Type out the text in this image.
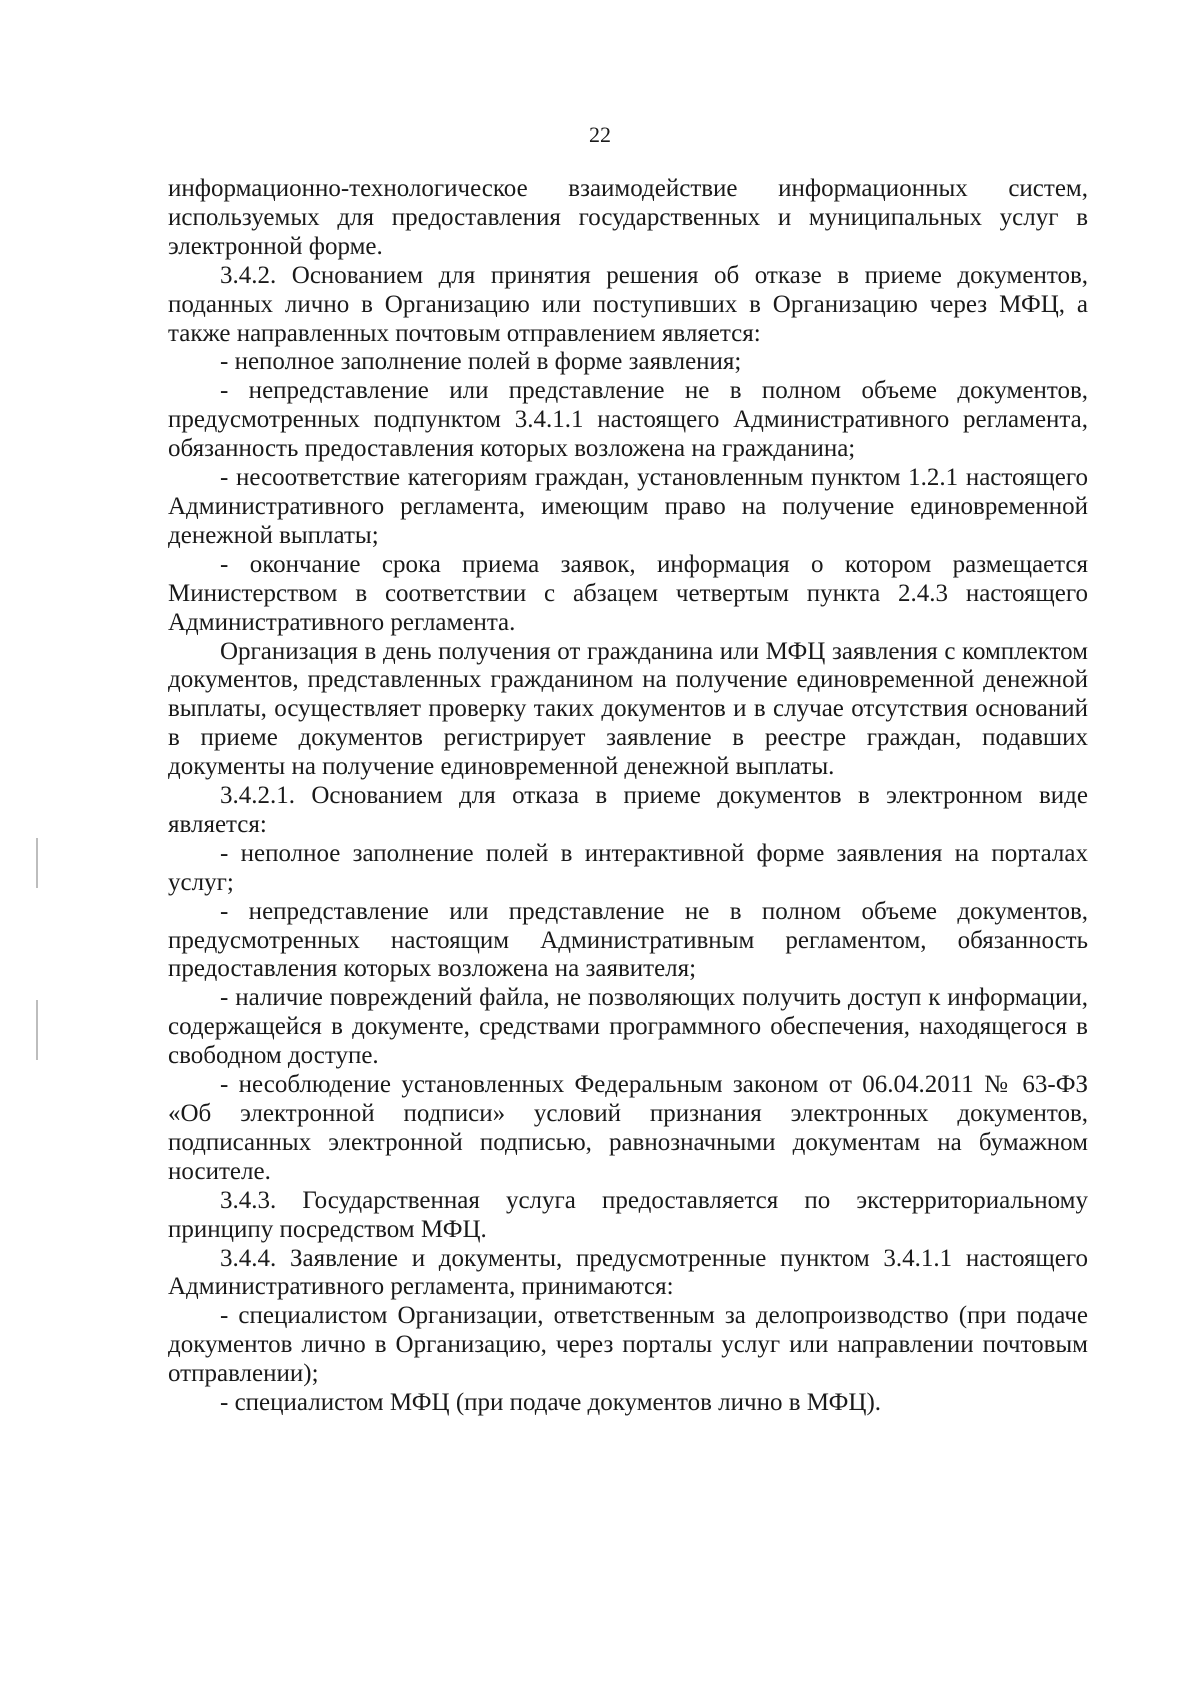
22

информационно-технологическое взаимодействие информационных систем, используемых для предоставления государственных и муниципальных услуг в электронной форме.

3.4.2. Основанием для принятия решения об отказе в приеме документов, поданных лично в Организацию или поступивших в Организацию через МФЦ, а также направленных почтовым отправлением является:

- неполное заполнение полей в форме заявления;

- непредставление или представление не в полном объеме документов, предусмотренных подпунктом 3.4.1.1 настоящего Административного регламента, обязанность предоставления которых возложена на гражданина;

- несоответствие категориям граждан, установленным пунктом 1.2.1 настоящего Административного регламента, имеющим право на получение единовременной денежной выплаты;

- окончание срока приема заявок, информация о котором размещается Министерством в соответствии с абзацем четвертым пункта 2.4.3 настоящего Административного регламента.

Организация в день получения от гражданина или МФЦ заявления с комплектом документов, представленных гражданином на получение единовременной денежной выплаты, осуществляет проверку таких документов и в случае отсутствия оснований в приеме документов регистрирует заявление в реестре граждан, подавших документы на получение единовременной денежной выплаты.

3.4.2.1. Основанием для отказа в приеме документов в электронном виде является:

- неполное заполнение полей в интерактивной форме заявления на порталах услуг;

- непредставление или представление не в полном объеме документов, предусмотренных настоящим Административным регламентом, обязанность предоставления которых возложена на заявителя;

- наличие повреждений файла, не позволяющих получить доступ к информации, содержащейся в документе, средствами программного обеспечения, находящегося в свободном доступе.

- несоблюдение установленных Федеральным законом от 06.04.2011 № 63-ФЗ «Об электронной подписи» условий признания электронных документов, подписанных электронной подписью, равнозначными документам на бумажном носителе.

3.4.3. Государственная услуга предоставляется по экстерриториальному принципу посредством МФЦ.

3.4.4. Заявление и документы, предусмотренные пунктом 3.4.1.1 настоящего Административного регламента, принимаются:

- специалистом Организации, ответственным за делопроизводство (при подаче документов лично в Организацию, через порталы услуг или направлении почтовым отправлении);

- специалистом МФЦ (при подаче документов лично в МФЦ).
